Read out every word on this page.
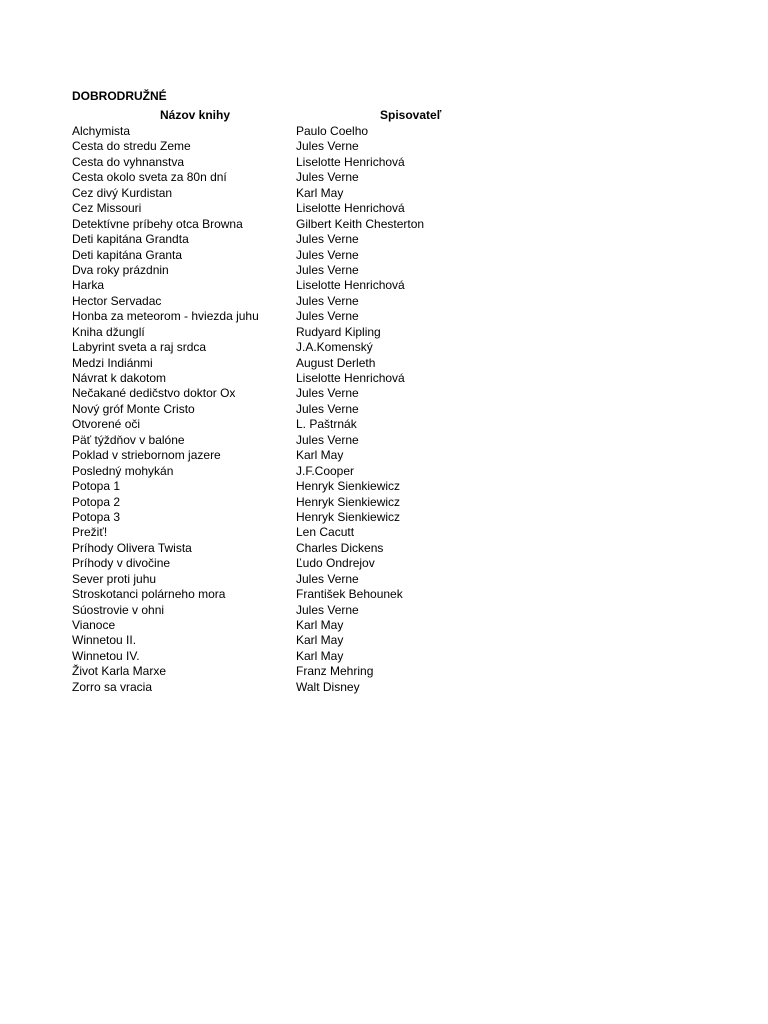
DOBRODRUŽNÉ
Názov knihy	Spisovateľ
Alchymista	Paulo Coelho
Cesta do stredu Zeme	Jules Verne
Cesta do vyhnanstva	Liselotte Henrichová
Cesta okolo sveta za 80n dní	Jules Verne
Cez divý Kurdistan	Karl May
Cez Missouri	Liselotte Henrichová
Detektívne príbehy otca Browna	Gilbert Keith Chesterton
Deti kapitána Grandta	Jules Verne
Deti kapitána Granta	Jules Verne
Dva roky prázdnin	Jules Verne
Harka	Liselotte Henrichová
Hector Servadac	Jules Verne
Honba za meteorom - hviezda juhu	Jules Verne
Kniha džunglí	Rudyard Kipling
Labyrint sveta a raj srdca	J.A.Komenský
Medzi Indiánmi	August Derleth
Návrat k dakotom	Liselotte Henrichová
Nečakané dedičstvo doktor Ox	Jules Verne
Nový gróf Monte Cristo	Jules Verne
Otvorené oči	L. Paštrnák
Päť týždňov v balóne	Jules Verne
Poklad v striebornom jazere	Karl May
Posledný mohykán	J.F.Cooper
Potopa 1	Henryk Sienkiewicz
Potopa 2	Henryk Sienkiewicz
Potopa 3	Henryk Sienkiewicz
Prežiť!	Len Cacutt
Príhody Olivera Twista	Charles Dickens
Príhody v divočine	Ľudo Ondrejov
Sever proti juhu	Jules Verne
Stroskotanci polárneho mora	František Behounek
Súostrovie v ohni	Jules Verne
Vianoce	Karl May
Winnetou II.	Karl May
Winnetou IV.	Karl May
Život Karla Marxe	Franz Mehring
Zorro sa vracia	Walt Disney
